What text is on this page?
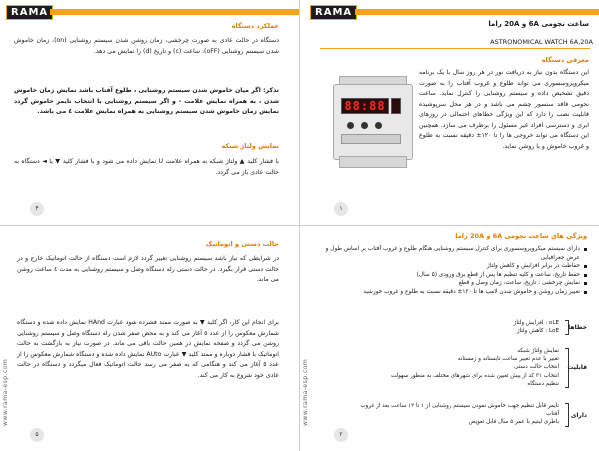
RAMA
عملکرد دستگاه
دستگاه در حالت عادی به صورت چرخشی، زمان روشن شدن سیستم روشنایی (on)، زمان خاموش شدن سیستم روشنایی (oFF)، ساعت (c) و تاریخ (d) را نمایش می دهد.
تذکر: اگر میان خاموش شدن سیستم روشنایی ، طلوع آفتاب باشد نمایش زمان خاموش شدن ، به همراه نمایش علامت - و اگر سیستم روشنایی با انتخاب تایمر خاموش گردد نمایش زمان خاموش شدن سیستم روشنایی به همراه نمایش علامت ٤ می باشد.
نمایش ولتاژ شبکه
با فشار کلید ▲ ولتاژ شبکه به همراه علامت U نمایش داده می شود و با فشار کلید ▼ یا ◄ دستگاه به حالت عادی باز می گردد.
۴
RAMA
ساعت نجومی 6A و 20A راما
ASTRONOMICAL WATCH 6A,20A
معرفی دستگاه
این دستگاه بدون نیاز به دریافت نور در هر روز سال با یک برنامه میکروپروسسوری می تواند طلوع و غروب آفتاب را به صورت دقیق تشخیص داده و سیستم روشنایی را کنترل نماید. ساعت نجومی فاقد سنسور چشم می باشد و در هر محل سرپوشیده قابلیت نصب را دارد که این ویژگی خطاهای احتمالی در روزهای ابری و دسترسی افراد غیر مسئول را برطرف می سازد. همچنین این دستگاه می تواند خروجی ها را تا ۱۲۰± دقیقه نسبت به طلوع و غروب خاموش و یا روشن نماید.
۱
88:88
www.rama-esp.com
حالت دستی و اتوماتیک
در شرایطی که نیاز باشد سیستم روشنایی تغییر گردد لازم است دستگاه از حالت اتوماتیک خارج و در حالت دستی قرار بگیرد. در حالت دستی رله دستگاه وصل و سیستم روشنایی به مدت ٤ ساعت روشن می ماند.
برای انجام این کار، اگر کلید ▼ به صورت ممتد فشرده شود عبارت HAnd نمایش داده شده و دستگاه شمارش معکوس را از عدد ٥ آغاز می کند و به محض صفر شدن رله دستگاه وصل و سیستم روشنایی روشن می گردد و صفحه نمایش در همین حالت باقی می ماند. در صورت نیاز به بازگشت به حالت اتوماتیک با فشار دوباره و ممتد کلید ▼ عبارت AUto نمایش داده شده و دستگاه شمارش معکوس را از عدد ٥ آغاز می کند و هنگامی که به صفر می رسد حالت اتوماتیک فعال میگردد و دستگاه در حالت عادی خود شروع به کار می کند.
۵
www.rama-esp.com
ویژگی های ساعت نجومی 6A و 20A راما
دارای سیستم میکروپروسسوری برای کنترل سیستم روشنایی هنگام طلوع و غروب آفتاب بر اساس طول و عرض جغرافیایی
حفاظت در برابر افزایش و کاهش ولتاژ
حفظ تاریخ، ساعت و کلیه تنظیم ها پس از قطع برق ورودی (۵ سال)
نمایش چرخشی : تاریخ، ساعت، زمان وصل و قطع
تغییر زمان روشن و خاموش شدن لامپ ها تا ۱۲۰± دقیقه نسبت به طلوع و غروب خورشید
oLE : افزایش ولتاژ
LoE : کاهش ولتاژ
خطاها
نمایش ولتاژ شبکه
تغییر با عدم تغییر ساعت تابستانه و زمستانه
انتخاب حالت دستی
انتخاب ۳۱ کد از پیش تعیین شده برای شهرهای مختلف به منظور سهولت تنظیم دستگاه
قابلیت
تایمر قابل تنظیم جهت خاموش نمودن سیستم روشنایی از ۱ تا ۱۲ ساعت بعد از غروب آفتاب
باطری لیتیم با عمر ۵ سال قابل تعویض
دارای
۲
